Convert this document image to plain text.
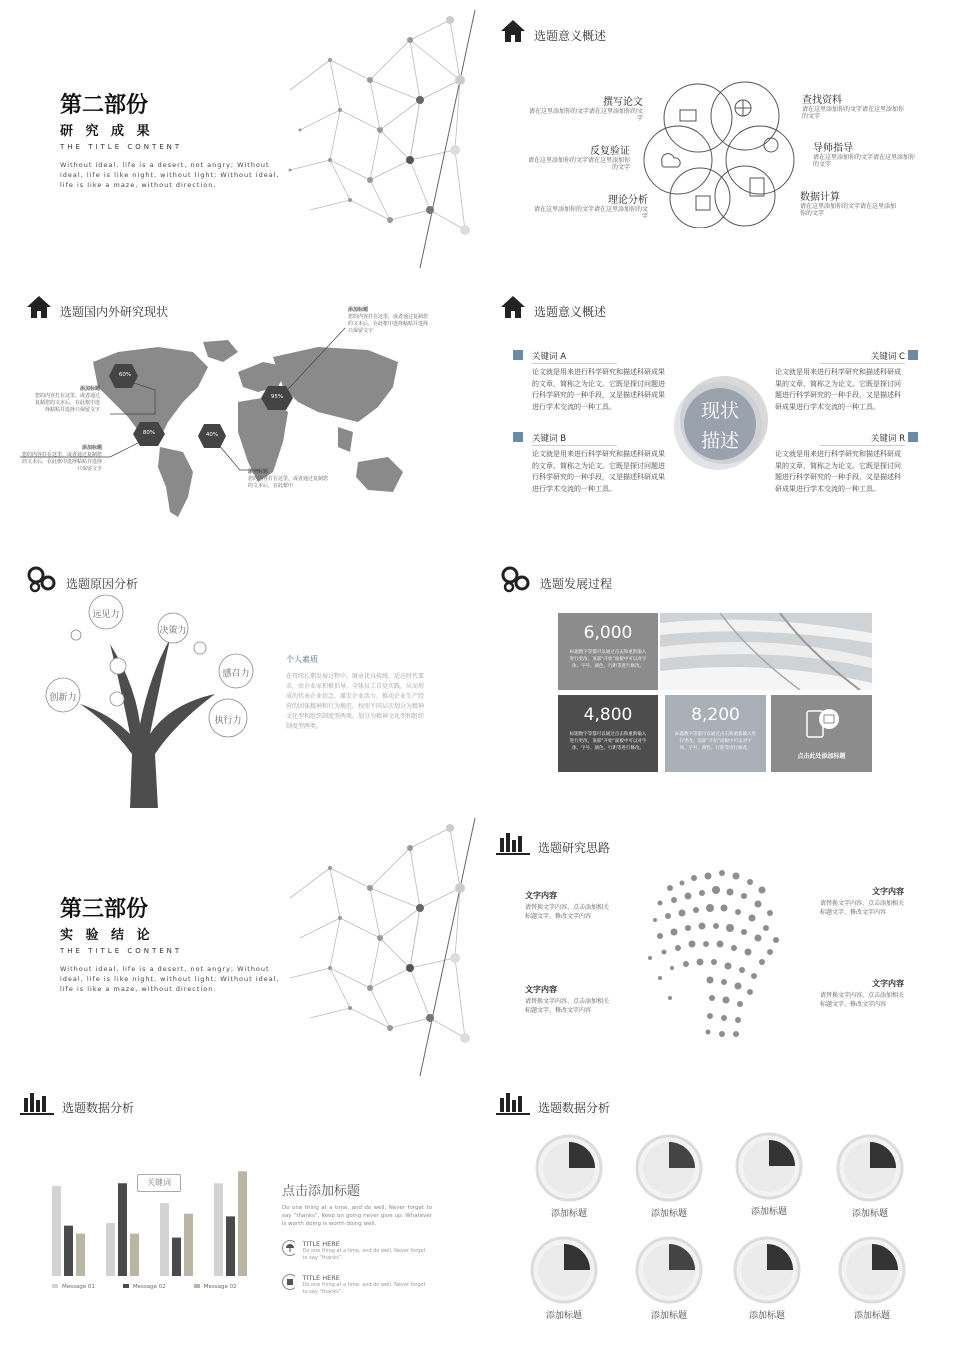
第二部份
研 究 成 果
THE TITLE CONTENT
Without ideal, life is a desert, not angry; Without ideal, life is like night, without light; Without ideal, life is like a maze, without direction.
选题意义概述
撰写论文
请在这里添加你的文字请在这里添加你的文字
反复验证
请在这里添加你的文字请在这里添加你的文字
理论分析
请在这里添加你的文字请在这里添加你的文字
查找资料
请在这里添加你的文字请在这里添加你的文字
导师指导
请在这里添加你的文字请在这里添加你的文字
数据计算
请在这里添加你的文字请在这里添加你的文字
选题国内外研究现状
60%
95%
80%	40%
添加标题
您的内容打在这里，或者通过复制您的文本后，在此框中选择粘贴并选择只保留文字
添加标题
您的内容打在这里，或者通过复制您的文本后，在此框中选择粘贴并选择只保留文字
添加标题
您的内容打在这里，或者通过复制您的文本后，在此框中选择粘贴并选择只保留文字	添加标题
您的内容打在这里，或者通过复制您的文本后，在此框中
选题意义概述
现状
描述
关键词 A
论文就是用来进行科学研究和描述科研成果的文章，简称之为论文。它既是探讨问题进行科学研究的一种手段，又是描述科研成果进行学术交流的一种工具。
关键词 B
论文就是用来进行科学研究和描述科研成果的文章，简称之为论文。它既是探讨问题进行科学研究的一种手段，又是描述科研成果进行学术交流的一种工具。
关键词 C
论文就是用来进行科学研究和描述科研成果的文章，简称之为论文。它既是探讨问题进行科学研究的一种手段，又是描述科研成果进行学术交流的一种工具。
关键词 R
论文就是用来进行科学研究和描述科研成果的文章，简称之为论文。它既是探讨问题进行科学研究的一种手段，又是描述科研成果进行学术交流的一种工具。
选题原因分析
远见力
决策力
感召力
执行力
创新力
个人素质
在持续长期发展过程中，继承优良传统，适应时代要求，由企业家积极倡导，全体员工自觉实践，从而形成的代表企业信念、激发企业活力、推动企业生产经营的团体精神和行为规范。按照不同层次划分为精神文化型和组织制度型两类，划分为精神文化型和组织制度型两类。
选题发展过程
6,000
标题数字等都可以通过点击和重新输入进行更改，顶部“开始”面板中可以对字体、字号、颜色、行距等进行修改。
4,800
标题数字等都可以通过点击和重新输入进行更改，顶部“开始”面板中可以对字体、字号、颜色、行距等进行修改。
8,200
标题数字等都可以通过点击和重新输入进行更改，顶部“开始”面板中可以对字体、字号、颜色、行距等进行修改。
点击此处添加标题
第三部份
实 验 结 论
THE TITLE CONTENT
Without ideal, life is a desert, not angry; Without ideal, life is like night, without light; Without ideal, life is like a maze, without direction.
选题研究思路
文字内容
请替换文字内容、点击添加相关标题文字、修改文字内容
文字内容
请替换文字内容、点击添加相关标题文字、修改文字内容
文字内容
请替换文字内容、点击添加相关标题文字、修改文字内容
文字内容
请替换文字内容、点击添加相关标题文字、修改文字内容
选题数据分析
关键词
Message 01	Message 02	Message 02
点击添加标题
Do one thing at a time, and do well. Never forget to say “thanks”. Keep on going never give up. Whatever is worth doing is worth doing well.
TITLE HERE
Do one thing at a time, and do well. Never forget to say “thanks”.
TITLE HERE
Do one thing at a time, and do well. Never forget to say “thanks”.
选题数据分析
添加标题	添加标题	添加标题	添加标题
添加标题	添加标题	添加标题	添加标题
